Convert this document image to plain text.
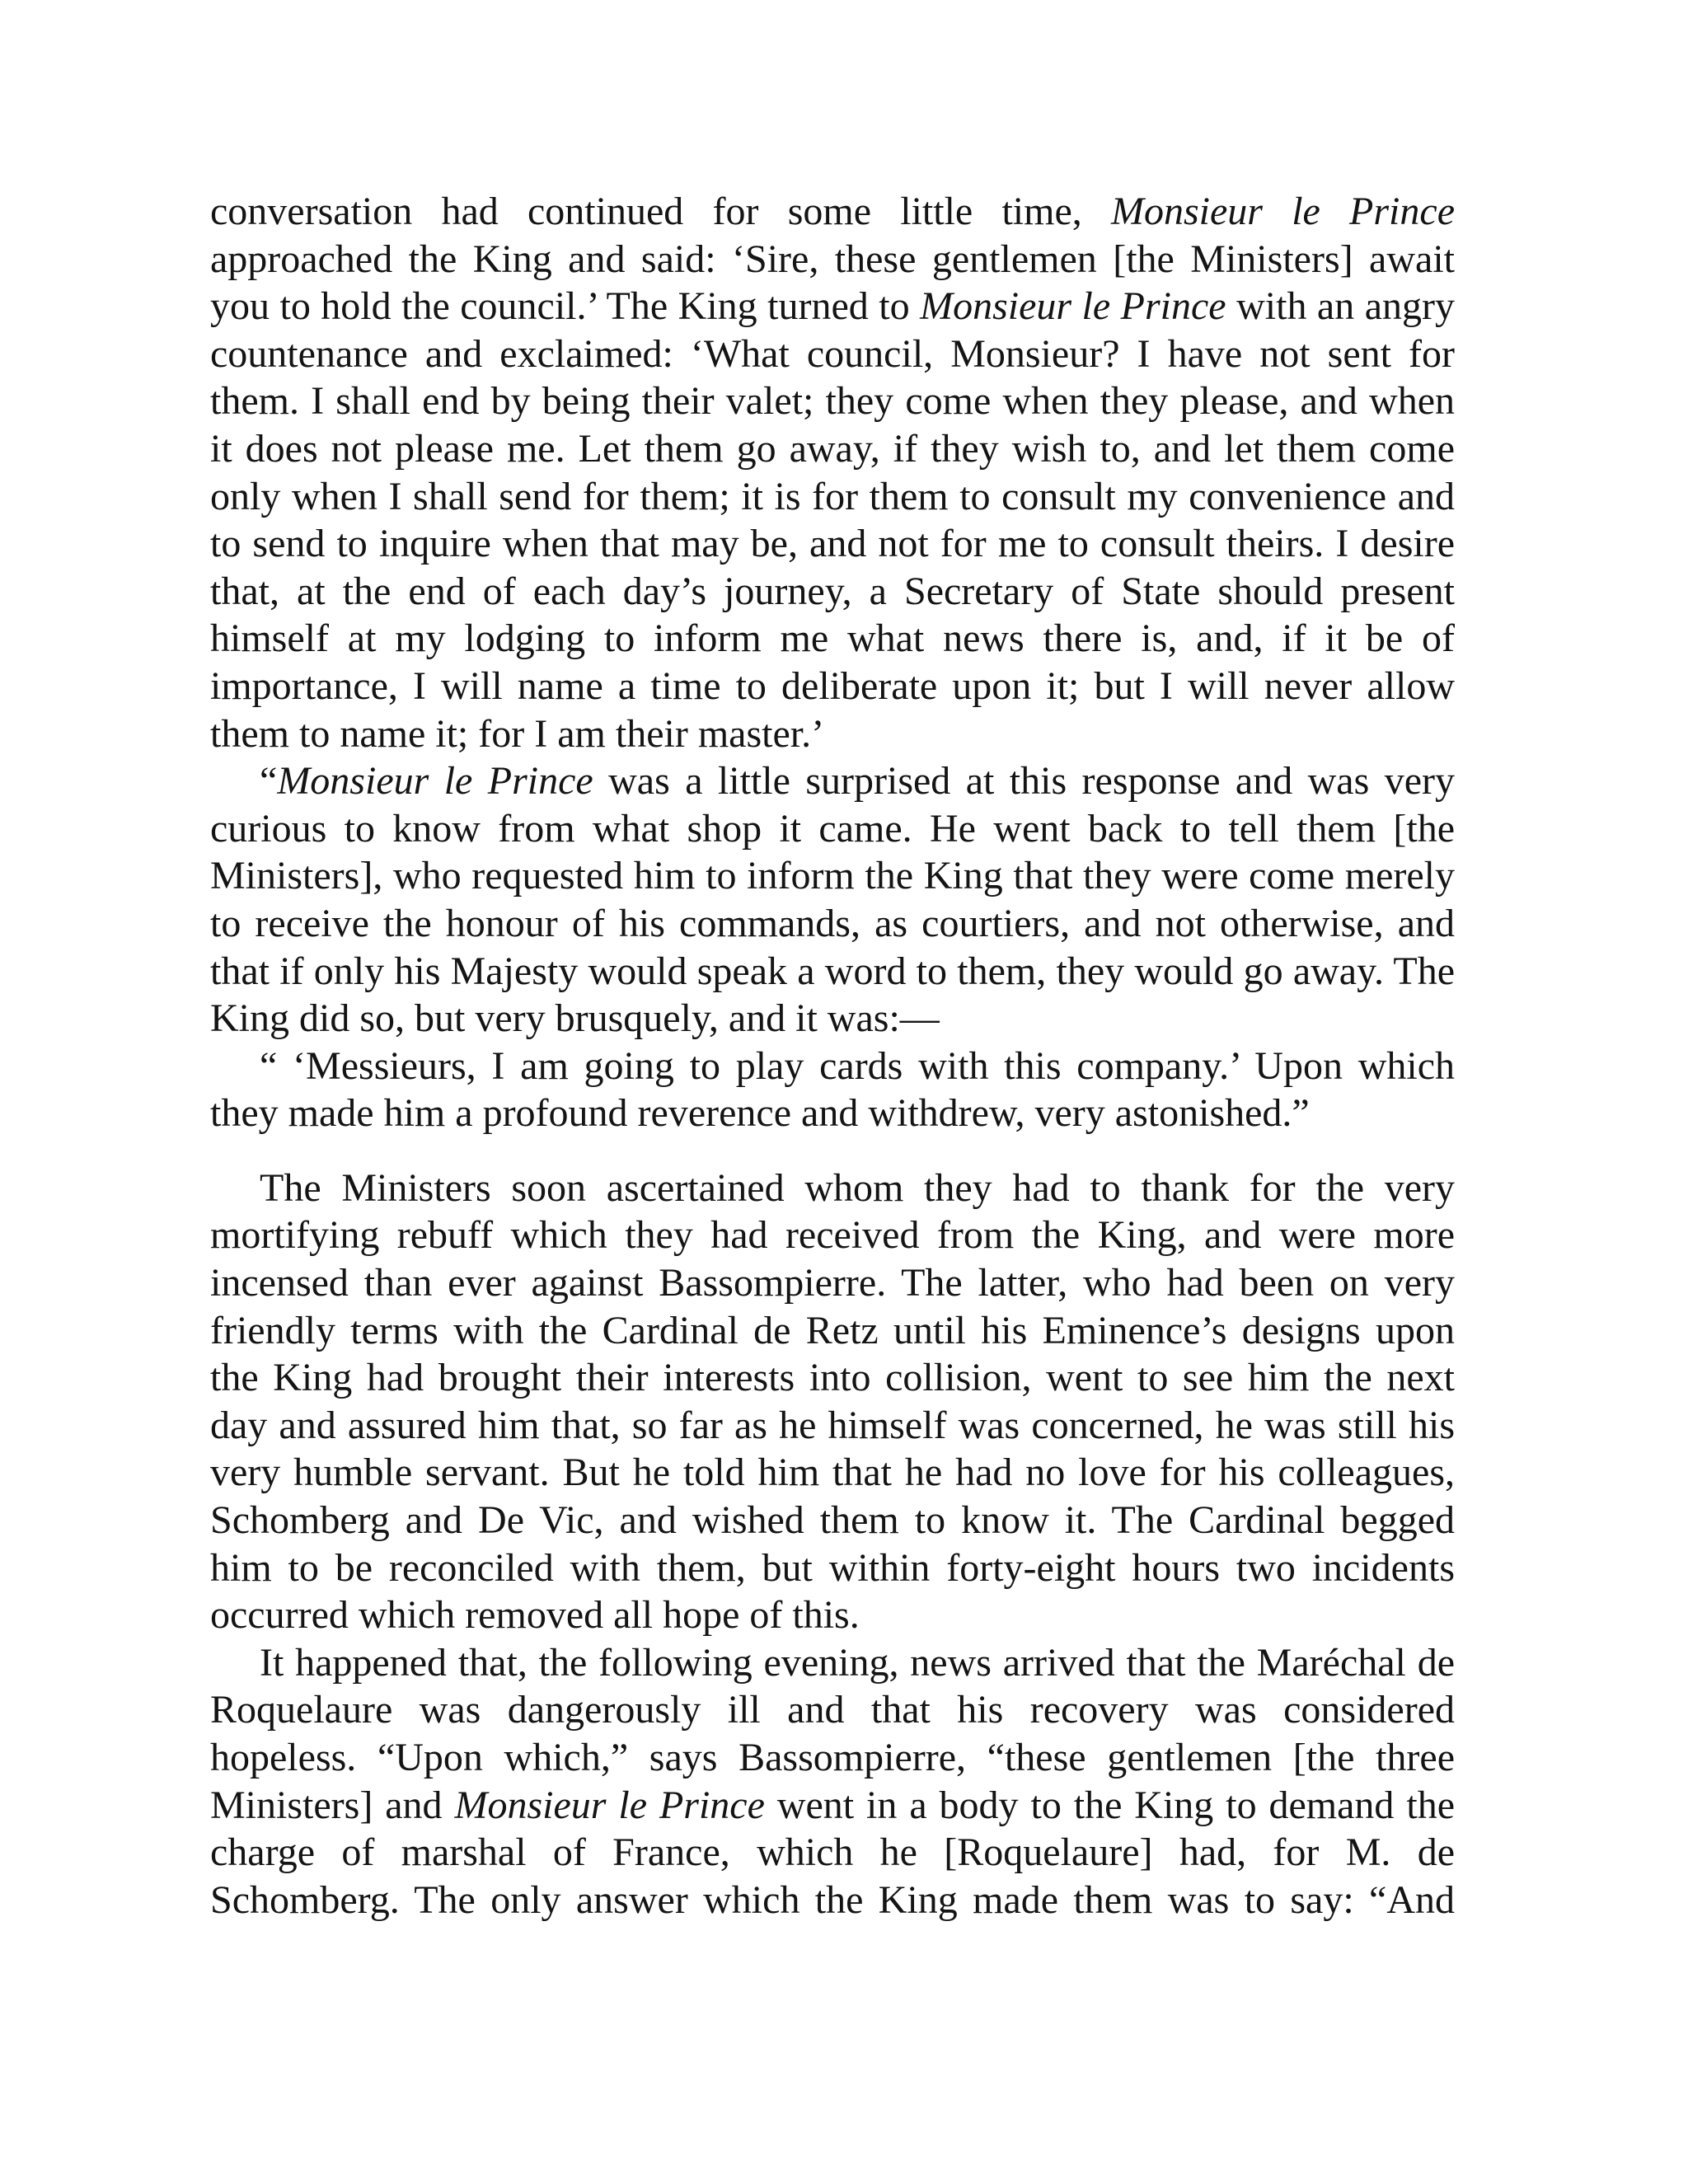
conversation had continued for some little time, Monsieur le Prince approached the King and said: ‘Sire, these gentlemen [the Ministers] await you to hold the council.’ The King turned to Monsieur le Prince with an angry countenance and exclaimed: ‘What council, Monsieur? I have not sent for them. I shall end by being their valet; they come when they please, and when it does not please me. Let them go away, if they wish to, and let them come only when I shall send for them; it is for them to consult my convenience and to send to inquire when that may be, and not for me to consult theirs. I desire that, at the end of each day’s journey, a Secretary of State should present himself at my lodging to inform me what news there is, and, if it be of importance, I will name a time to deliberate upon it; but I will never allow them to name it; for I am their master.’

“Monsieur le Prince was a little surprised at this response and was very curious to know from what shop it came. He went back to tell them [the Ministers], who requested him to inform the King that they were come merely to receive the honour of his commands, as courtiers, and not otherwise, and that if only his Majesty would speak a word to them, they would go away. The King did so, but very brusquely, and it was:—

“ ‘Messieurs, I am going to play cards with this company.’ Upon which they made him a profound reverence and withdrew, very astonished.”

The Ministers soon ascertained whom they had to thank for the very mortifying rebuff which they had received from the King, and were more incensed than ever against Bassompierre. The latter, who had been on very friendly terms with the Cardinal de Retz until his Eminence’s designs upon the King had brought their interests into collision, went to see him the next day and assured him that, so far as he himself was concerned, he was still his very humble servant. But he told him that he had no love for his colleagues, Schomberg and De Vic, and wished them to know it. The Cardinal begged him to be reconciled with them, but within forty-eight hours two incidents occurred which removed all hope of this.

It happened that, the following evening, news arrived that the Maréchal de Roquelaure was dangerously ill and that his recovery was considered hopeless. “Upon which,” says Bassompierre, “these gentlemen [the three Ministers] and Monsieur le Prince went in a body to the King to demand the charge of marshal of France, which he [Roquelaure] had, for M. de Schomberg. The only answer which the King made them was to say: “And
